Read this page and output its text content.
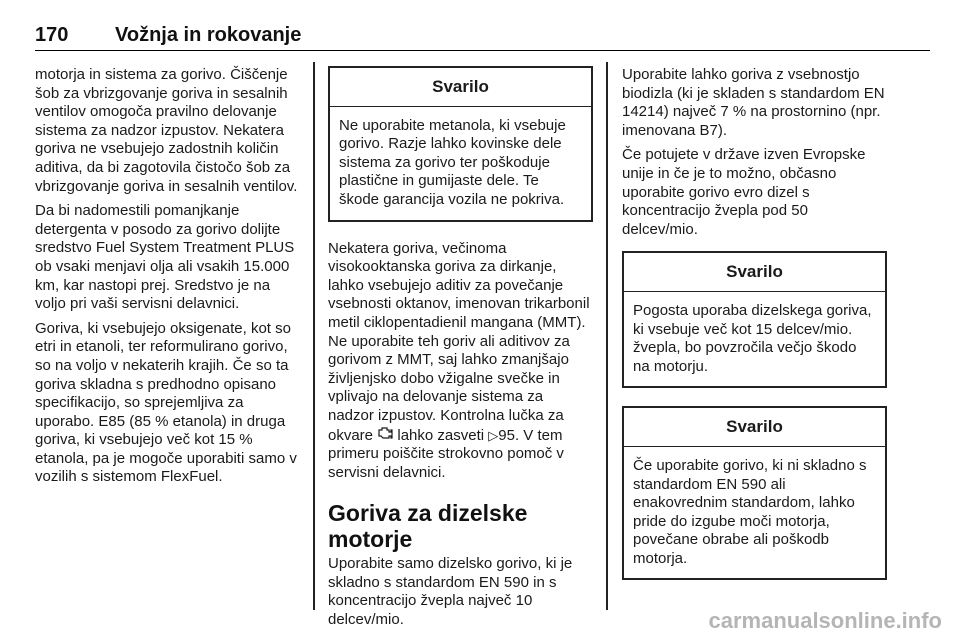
170 Vožnja in rokovanje

motorja in sistema za gorivo. Čiščenje šob za vbrizgovanje goriva in sesalnih ventilov omogoča pravilno delovanje sistema za nadzor izpustov. Nekatera goriva ne vsebujejo zadostnih količin aditiva, da bi zagotovila čistočo šob za vbrizgovanje goriva in sesalnih ventilov.

Da bi nadomestili pomanjkanje detergenta v posodo za gorivo dolijte sredstvo Fuel System Treatment PLUS ob vsaki menjavi olja ali vsakih 15.000 km, kar nastopi prej. Sredstvo je na voljo pri vaši servisni delavnici.

Goriva, ki vsebujejo oksigenate, kot so etri in etanoli, ter reformulirano gorivo, so na voljo v nekaterih krajih. Če so ta goriva skladna s predhodno opisano specifikacijo, so sprejemljiva za uporabo. E85 (85 % etanola) in druga goriva, ki vsebujejo več kot 15 % etanola, pa je mogoče uporabiti samo v vozilih s sistemom FlexFuel.

Svarilo

Ne uporabite metanola, ki vsebuje gorivo. Razje lahko kovinske dele sistema za gorivo ter poškoduje plastične in gumijaste dele. Te škode garancija vozila ne pokriva.

Nekatera goriva, večinoma visokooktanska goriva za dirkanje, lahko vsebujejo aditiv za povečanje vsebnosti oktanov, imenovan trikarbonil metil ciklopentadienil mangana (MMT). Ne uporabite teh goriv ali aditivov za gorivom z MMT, saj lahko zmanjšajo življenjsko dobo vžigalne svečke in vplivajo na delovanje sistema za nadzor izpustov. Kontrolna lučka za okvare lahko zasveti ▷95. V tem primeru poiščite strokovno pomoč v servisni delavnici.

Goriva za dizelske motorje

Uporabite samo dizelsko gorivo, ki je skladno s standardom EN 590 in s koncentracijo žvepla največ 10 delcev/mio.

Uporabite lahko goriva z vsebnostjo biodizla (ki je skladen s standardom EN 14214) največ 7 % na prostornino (npr. imenovana B7).

Če potujete v države izven Evropske unije in če je to možno, občasno uporabite gorivo evro dizel s koncentracijo žvepla pod 50 delcev/mio.

Svarilo

Pogosta uporaba dizelskega goriva, ki vsebuje več kot 15 delcev/mio. žvepla, bo povzročila večjo škodo na motorju.

Svarilo

Če uporabite gorivo, ki ni skladno s standardom EN 590 ali enakovrednim standardom, lahko pride do izgube moči motorja, povečane obrabe ali poškodb motorja.

carmanualsonline.info
